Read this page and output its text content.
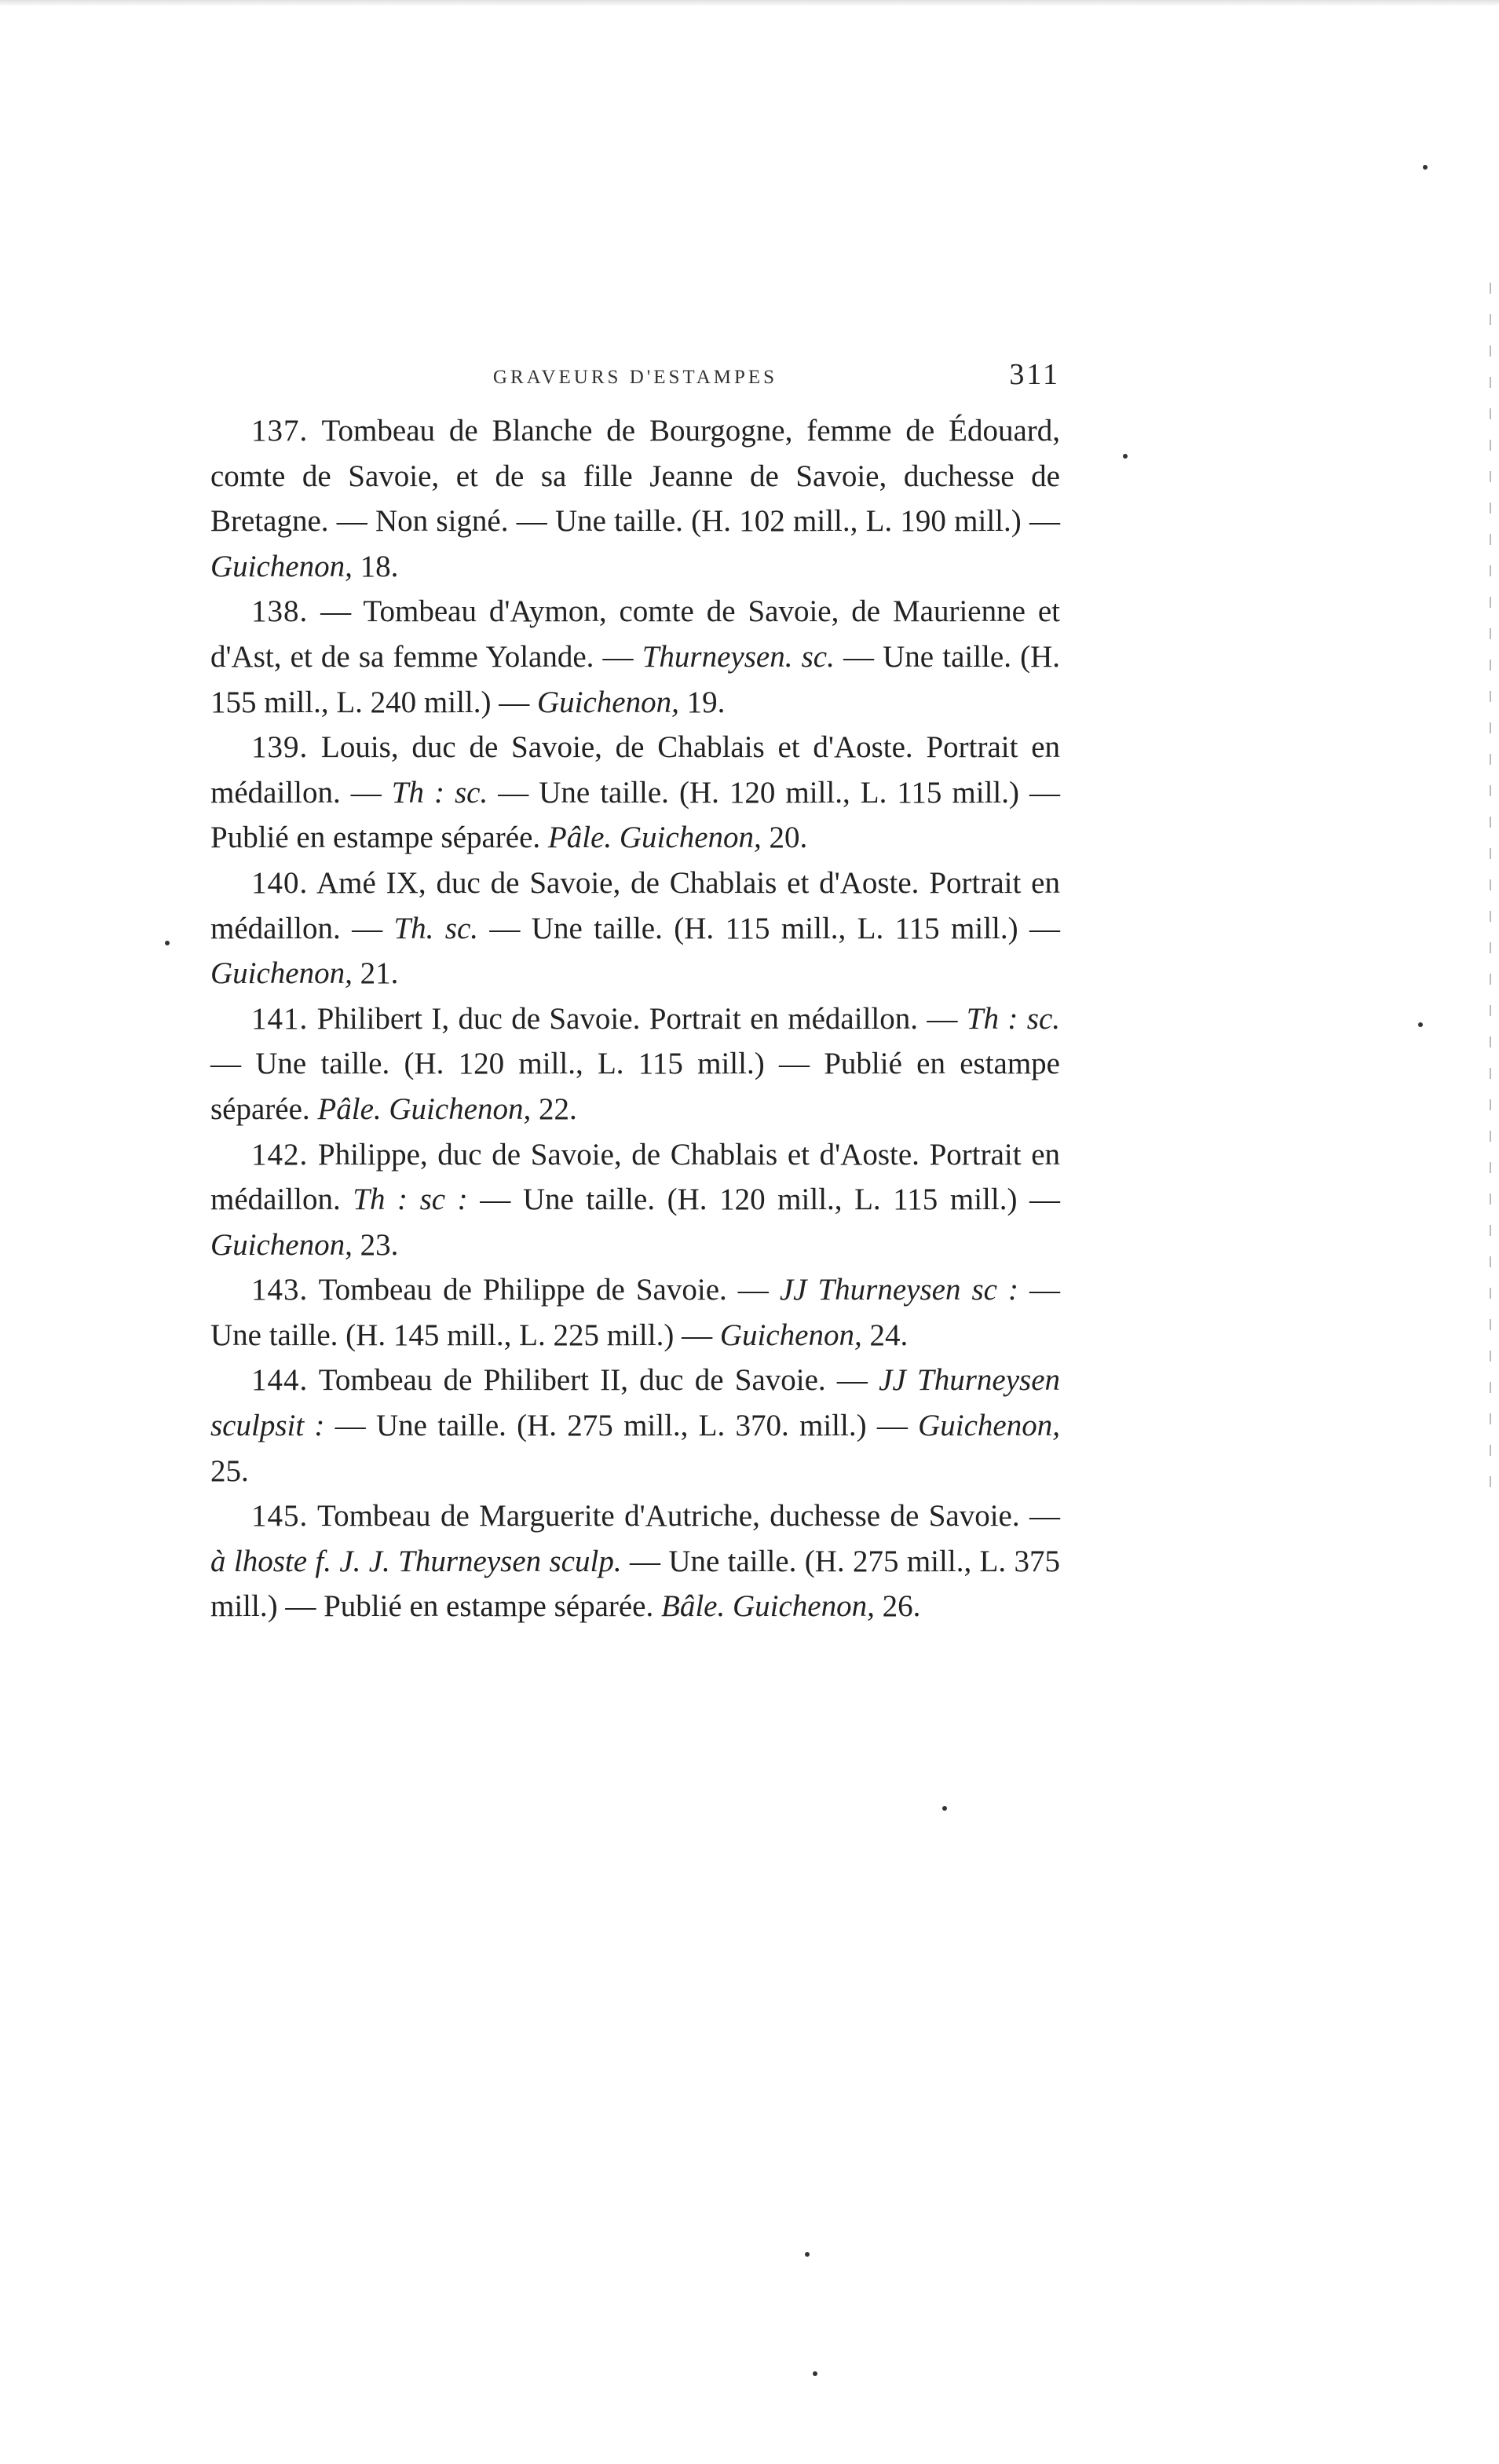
GRAVEURS D'ESTAMPES	311

137. Tombeau de Blanche de Bourgogne, femme de Édouard, comte de Savoie, et de sa fille Jeanne de Savoie, duchesse de Bretagne. — Non signé. — Une taille. (H. 102 mill., L. 190 mill.) — Guichenon, 18.

138. — Tombeau d'Aymon, comte de Savoie, de Maurienne et d'Ast, et de sa femme Yolande. — Thurneysen. sc. — Une taille. (H. 155 mill., L. 240 mill.) — Guichenon, 19.

139. Louis, duc de Savoie, de Chablais et d'Aoste. Portrait en médaillon. — Th : sc. — Une taille. (H. 120 mill., L. 115 mill.) — Publié en estampe séparée. Pâle. Guichenon, 20.

140. Amé IX, duc de Savoie, de Chablais et d'Aoste. Portrait en médaillon. — Th. sc. — Une taille. (H. 115 mill., L. 115 mill.) — Guichenon, 21.

141. Philibert I, duc de Savoie. Portrait en médaillon. — Th : sc. — Une taille. (H. 120 mill., L. 115 mill.) — Publié en estampe séparée. Pâle. Guichenon, 22.

142. Philippe, duc de Savoie, de Chablais et d'Aoste. Portrait en médaillon. Th : sc : — Une taille. (H. 120 mill., L. 115 mill.) — Guichenon, 23.

143. Tombeau de Philippe de Savoie. — JJ Thurneysen sc : — Une taille. (H. 145 mill., L. 225 mill.) — Guichenon, 24.

144. Tombeau de Philibert II, duc de Savoie. — JJ Thurneysen sculpsit : — Une taille. (H. 275 mill., L. 370. mill.) — Guichenon, 25.

145. Tombeau de Marguerite d'Autriche, duchesse de Savoie. — à lhoste f. J. J. Thurneysen sculp. — Une taille. (H. 275 mill., L. 375 mill.) — Publié en estampe séparée. Bâle. Guichenon, 26.
